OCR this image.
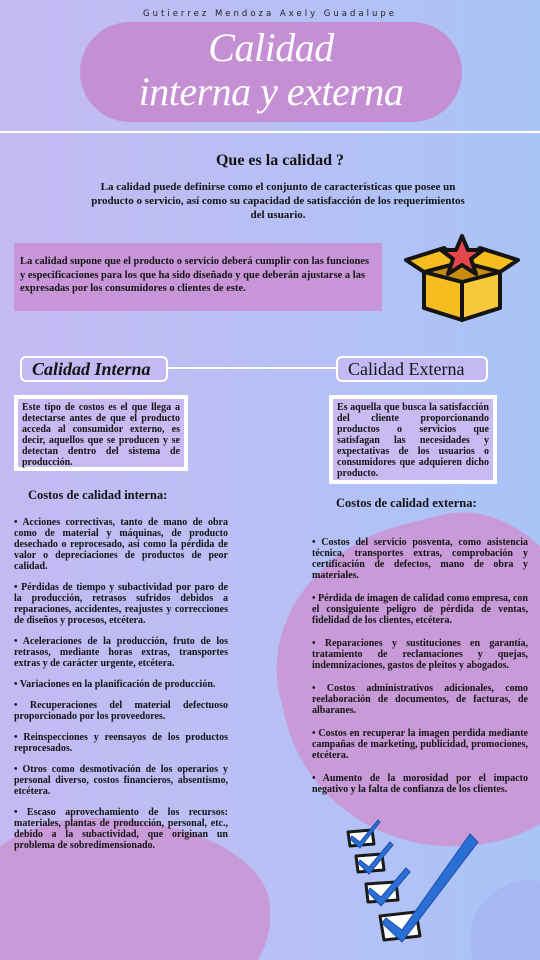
Gutierrez Mendoza Axely Guadalupe
Calidad
interna y externa
Que es la calidad ?
La calidad puede definirse como el conjunto de características que posee un producto o servicio, así como su capacidad de satisfacción de los requerimientos del usuario.
La calidad supone que el producto o servicio deberá cumplir con las funciones y especificaciones para los que ha sido diseñado y que deberán ajustarse a las expresadas por los consumidores o clientes de este.
Calidad Interna	Calidad Externa
Este tipo de costos es el que llega a detectarse antes de que el producto acceda al consumidor externo, es decir, aquellos que se producen y se detectan dentro del sistema de producción.
Es aquella que busca la satisfacción del cliente proporcionando productos o servicios que satisfagan las necesidades y expectativas de los usuarios o consumidores que adquieren dicho producto.
Costos de calidad interna:
Costos de calidad externa:
• Acciones correctivas, tanto de mano de obra como de material y máquinas, de producto desechado o reprocesado, así como la pérdida de valor o depreciaciones de productos de peor calidad.
• Pérdidas de tiempo y subactividad por paro de la producción, retrasos sufridos debidos a reparaciones, accidentes, reajustes y correcciones de diseños y procesos, etcétera.
• Aceleraciones de la producción, fruto de los retrasos, mediante horas extras, transportes extras y de carácter urgente, etcétera.
• Variaciones en la planificación de producción.
• Recuperaciones del material defectuoso proporcionado por los proveedores.
• Reinspecciones y reensayos de los productos reprocesados.
• Otros como desmotivación de los operarios y personal diverso, costos financieros, absentismo, etcétera.
• Escaso aprovechamiento de los recursos: materiales, plantas de producción, personal, etc., debido a la subactividad, que originan un problema de sobredimensionado.
• Costos del servicio posventa, como asistencia técnica, transportes extras, comprobación y certificación de defectos, mano de obra y materiales.
• Pérdida de imagen de calidad como empresa, con el consiguiente peligro de pérdida de ventas, fidelidad de los clientes, etcétera.
• Reparaciones y sustituciones en garantía, tratamiento de reclamaciones y quejas, indemnizaciones, gastos de pleitos y abogados.
• Costos administrativos adicionales, como reelaboración de documentos, de facturas, de albaranes.
• Costos en recuperar la imagen perdida mediante campañas de marketing, publicidad, promociones, etcétera.
• Aumento de la morosidad por el impacto negativo y la falta de confianza de los clientes.
